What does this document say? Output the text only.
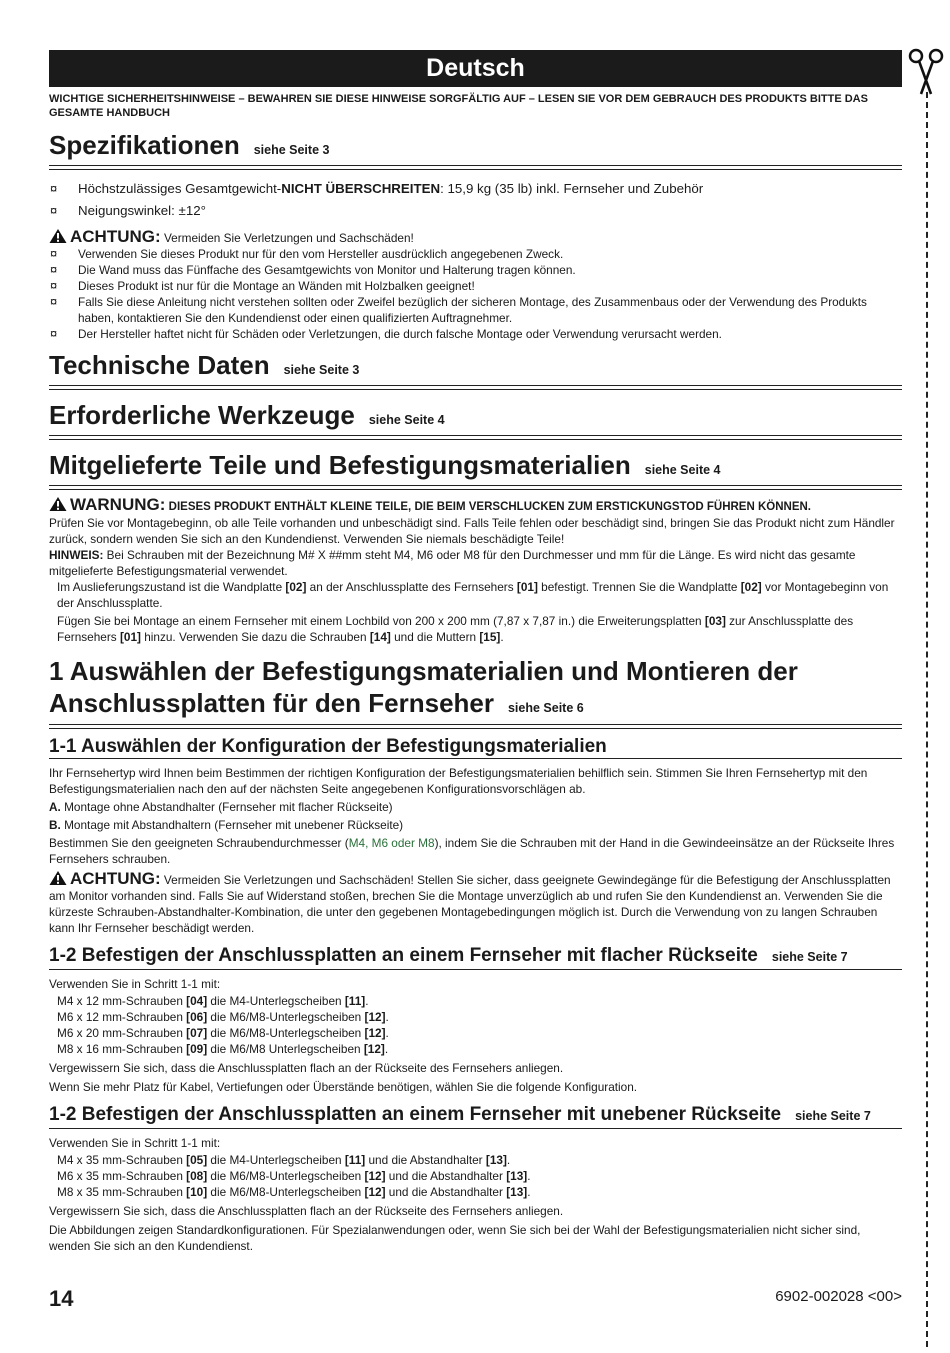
Deutsch
WICHTIGE SICHERHEITSHINWEISE – BEWAHREN SIE DIESE HINWEISE SORGFÄLTIG AUF – LESEN SIE VOR DEM GEBRAUCH DES PRODUKTS BITTE DAS GESAMTE HANDBUCH
Spezifikationen siehe Seite 3
¤ Höchstzulässiges Gesamtgewicht-NICHT ÜBERSCHREITEN: 15,9 kg (35 lb) inkl. Fernseher und Zubehör
¤ Neigungswinkel: ±12°
ACHTUNG: Vermeiden Sie Verletzungen und Sachschäden!
¤ Verwenden Sie dieses Produkt nur für den vom Hersteller ausdrücklich angegebenen Zweck.
¤ Die Wand muss das Fünffache des Gesamtgewichts von Monitor und Halterung tragen können.
¤ Dieses Produkt ist nur für die Montage an Wänden mit Holzbalken geeignet!
¤ Falls Sie diese Anleitung nicht verstehen sollten oder Zweifel bezüglich der sicheren Montage, des Zusammenbaus oder der Verwendung des Produkts haben, kontaktieren Sie den Kundendienst oder einen qualifizierten Auftragnehmer.
¤ Der Hersteller haftet nicht für Schäden oder Verletzungen, die durch falsche Montage oder Verwendung verursacht werden.
Technische Daten siehe Seite 3
Erforderliche Werkzeuge siehe Seite 4
Mitgelieferte Teile und Befestigungsmaterialien siehe Seite 4
WARNUNG: DIESES PRODUKT ENTHÄLT KLEINE TEILE, DIE BEIM VERSCHLUCKEN ZUM ERSTICKUNGSTOD FÜHREN KÖNNEN.

Prüfen Sie vor Montagebeginn, ob alle Teile vorhanden und unbeschädigt sind. Falls Teile fehlen oder beschädigt sind, bringen Sie das Produkt nicht zum Händler zurück, sondern wenden Sie sich an den Kundendienst. Verwenden Sie niemals beschädigte Teile!

HINWEIS: Bei Schrauben mit der Bezeichnung M# X ##mm steht M4, M6 oder M8 für den Durchmesser und mm für die Länge. Es wird nicht das gesamte mitgelieferte Befestigungsmaterial verwendet.

Im Auslieferungszustand ist die Wandplatte [02] an der Anschlussplatte des Fernsehers [01] befestigt. Trennen Sie die Wandplatte [02] vor Montagebeginn von der Anschlussplatte.

Fügen Sie bei Montage an einem Fernseher mit einem Lochbild von 200 x 200 mm (7,87 x 7,87 in.) die Erweiterungsplatten [03] zur Anschlussplatte des Fernsehers [01] hinzu. Verwenden Sie dazu die Schrauben [14] und die Muttern [15].

1 Auswählen der Befestigungsmaterialien und Montieren der Anschlussplatten für den Fernseher siehe Seite 6
1-1 Auswählen der Konfiguration der Befestigungsmaterialien

Ihr Fernsehertyp wird Ihnen beim Bestimmen der richtigen Konfiguration der Befestigungsmaterialien behilflich sein. Stimmen Sie Ihren Fernsehertyp mit den Befestigungsmaterialien nach den auf der nächsten Seite angegebenen Konfigurationsvorschlägen ab.

A. Montage ohne Abstandhalter (Fernseher mit flacher Rückseite)

B. Montage mit Abstandhaltern (Fernseher mit unebener Rückseite)

Bestimmen Sie den geeigneten Schraubendurchmesser (M4, M6 oder M8), indem Sie die Schrauben mit der Hand in die Gewindeeinsätze an der Rückseite Ihres Fernsehers schrauben.

ACHTUNG: Vermeiden Sie Verletzungen und Sachschäden! Stellen Sie sicher, dass geeignete Gewindegänge für die Befestigung der Anschlussplatten am Monitor vorhanden sind. Falls Sie auf Widerstand stoßen, brechen Sie die Montage unverzüglich ab und rufen Sie den Kundendienst an. Verwenden Sie die kürzeste Schrauben-Abstandhalter-Kombination, die unter den gegebenen Montagebedingungen möglich ist. Durch die Verwendung von zu langen Schrauben kann Ihr Fernseher beschädigt werden.
1-2 Befestigen der Anschlussplatten an einem Fernseher mit flacher Rückseite siehe Seite 7

Verwenden Sie in Schritt 1-1 mit:

M4 x 12 mm-Schrauben [04] die M4-Unterlegscheiben [11].

M6 x 12 mm-Schrauben [06] die M6/M8-Unterlegscheiben [12].

M6 x 20 mm-Schrauben [07] die M6/M8-Unterlegscheiben [12].

M8 x 16 mm-Schrauben [09] die M6/M8 Unterlegscheiben [12].

Vergewissern Sie sich, dass die Anschlussplatten flach an der Rückseite des Fernsehers anliegen.

Wenn Sie mehr Platz für Kabel, Vertiefungen oder Überstände benötigen, wählen Sie die folgende Konfiguration.

1-2 Befestigen der Anschlussplatten an einem Fernseher mit unebener Rückseite siehe Seite 7

Verwenden Sie in Schritt 1-1 mit:

M4 x 35 mm-Schrauben [05] die M4-Unterlegscheiben [11] und die Abstandhalter [13].

M6 x 35 mm-Schrauben [08] die M6/M8-Unterlegscheiben [12] und die Abstandhalter [13].

M8 x 35 mm-Schrauben [10] die M6/M8-Unterlegscheiben [12] und die Abstandhalter [13].

Vergewissern Sie sich, dass die Anschlussplatten flach an der Rückseite des Fernsehers anliegen.

Die Abbildungen zeigen Standardkonfigurationen. Für Spezialanwendungen oder, wenn Sie sich bei der Wahl der Befestigungsmaterialien nicht sicher sind, wenden Sie sich an den Kundendienst.

14	6902-002028 <00>
